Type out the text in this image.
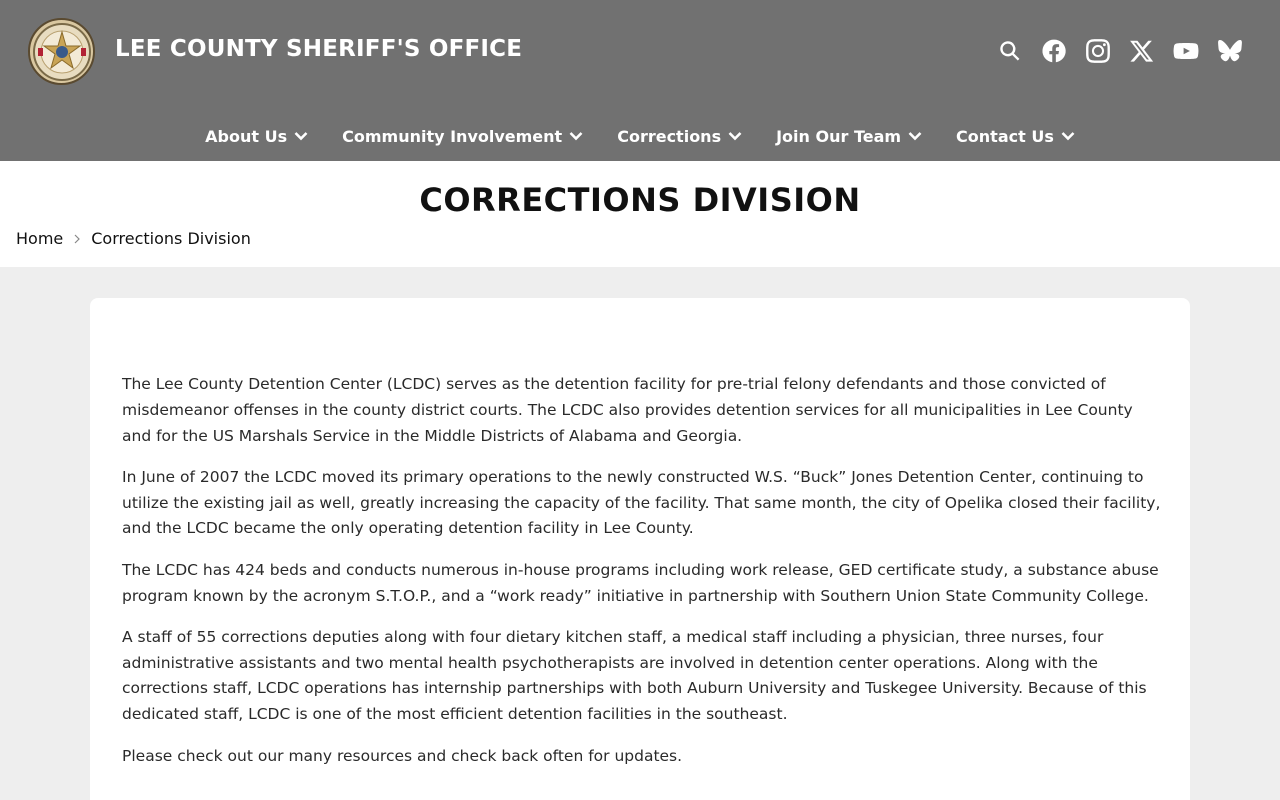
LEE COUNTY SHERIFF'S OFFICE
About Us	Community Involvement	Corrections	Join Our Team	Contact Us
CORRECTIONS DIVISION
Home Corrections Division

The Lee County Detention Center (LCDC) serves as the detention facility for pre-trial felony defendants and those convicted of misdemeanor offenses in the county district courts. The LCDC also provides detention services for all municipalities in Lee County and for the US Marshals Service in the Middle Districts of Alabama and Georgia.

In June of 2007 the LCDC moved its primary operations to the newly constructed W.S. “Buck” Jones Detention Center, continuing to utilize the existing jail as well, greatly increasing the capacity of the facility. That same month, the city of Opelika closed their facility, and the LCDC became the only operating detention facility in Lee County.

The LCDC has 424 beds and conducts numerous in-house programs including work release, GED certificate study, a substance abuse program known by the acronym S.T.O.P., and a “work ready” initiative in partnership with Southern Union State Community College.

A staff of 55 corrections deputies along with four dietary kitchen staff, a medical staff including a physician, three nurses, four administrative assistants and two mental health psychotherapists are involved in detention center operations. Along with the corrections staff, LCDC operations has internship partnerships with both Auburn University and Tuskegee University. Because of this dedicated staff, LCDC is one of the most efficient detention facilities in the southeast.

Please check out our many resources and check back often for updates.
